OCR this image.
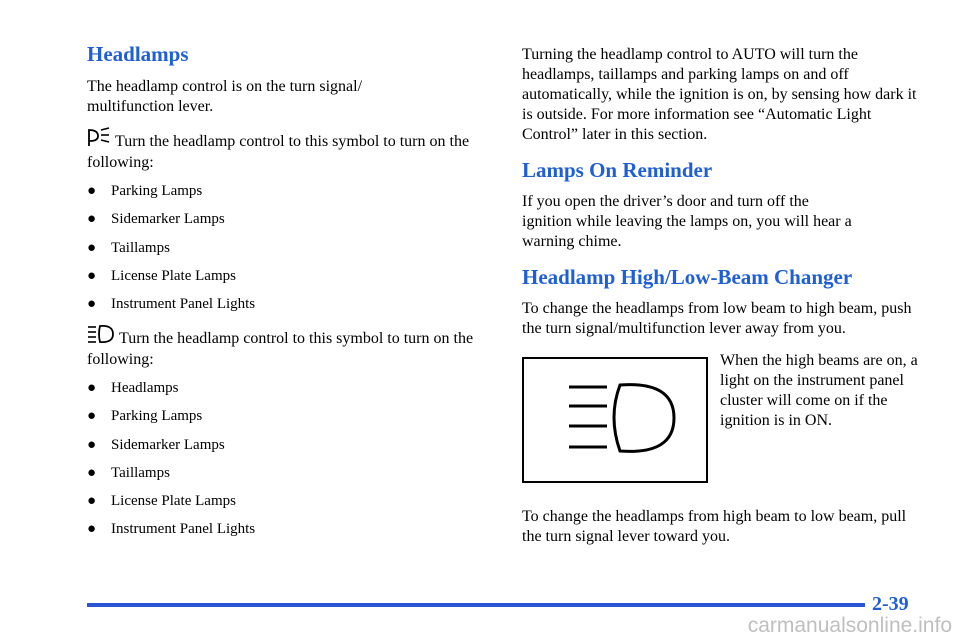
Headlamps

The headlamp control is on the turn signal/ multifunction lever.

Turn the headlamp control to this symbol to turn on the following:

● Parking Lamps
● Sidemarker Lamps
● Taillamps
● License Plate Lamps
● Instrument Panel Lights

Turn the headlamp control to this symbol to turn on the following:

● Headlamps
● Parking Lamps
● Sidemarker Lamps
● Taillamps
● License Plate Lamps
● Instrument Panel Lights

Turning the headlamp control to AUTO will turn the headlamps, taillamps and parking lamps on and off automatically, while the ignition is on, by sensing how dark it is outside. For more information see “Automatic Light Control” later in this section.

Lamps On Reminder

If you open the driver’s door and turn off the ignition while leaving the lamps on, you will hear a warning chime.

Headlamp High/Low-Beam Changer

To change the headlamps from low beam to high beam, push the turn signal/multifunction lever away from you.

When the high beams are on, a light on the instrument panel cluster will come on if the ignition is in ON.

To change the headlamps from high beam to low beam, pull the turn signal lever toward you.

2-39
carmanualsonline.info
